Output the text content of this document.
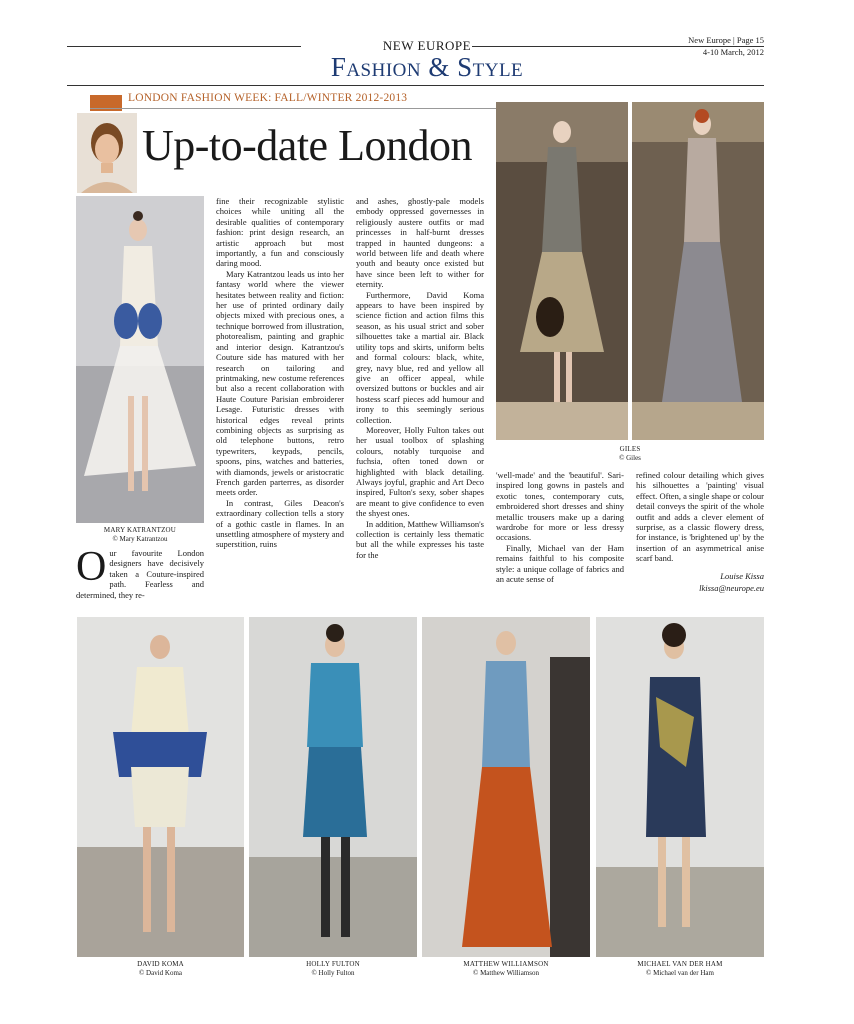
New Europe | Page 15
4-10 March, 2012
NEW EUROPE
Fashion & Style
LONDON FASHION WEEK: FALL/WINTER 2012-2013
Up-to-date London
MARY KATRANTZOU
© Mary Katrantzou
O ur favourite London designers have decisively taken a Couture-inspired path. Fearless and determined, they re-

fine their recognizable stylistic choices while uniting all the desirable qualities of contemporary fashion: print design research, an artistic approach but most importantly, a fun and consciously daring mood.

Mary Katrantzou leads us into her fantasy world where the viewer hesitates between reality and fiction: her use of printed ordinary daily objects mixed with precious ones, a technique borrowed from illustration, photorealism, painting and graphic and interior design. Katrantzou's Couture side has matured with her research on tailoring and printmaking, new costume references but also a recent collaboration with Haute Couture Parisian embroiderer Lesage. Futuristic dresses with historical edges reveal prints combining objects as surprising as old telephone buttons, retro typewriters, keypads, pencils, spoons, pins, watches and batteries, with diamonds, jewels or aristocratic French garden parterres, as disorder meets order.

In contrast, Giles Deacon's extraordinary collection tells a story of a gothic castle in flames. In an unsettling atmosphere of mystery and superstition, ruins

and ashes, ghostly-pale models embody oppressed governesses in religiously austere outfits or mad princesses in half-burnt dresses trapped in haunted dungeons: a world between life and death where youth and beauty once existed but have since been left to wither for eternity.

Furthermore, David Koma appears to have been inspired by science fiction and action films this season, as his usual strict and sober silhouettes take a martial air. Black utility tops and skirts, uniform belts and formal colours: black, white, grey, navy blue, red and yellow all give an officer appeal, while oversized buttons or buckles and air hostess scarf pieces add humour and irony to this seemingly serious collection.

Moreover, Holly Fulton takes out her usual toolbox of splashing colours, notably turquoise and fuchsia, often toned down or highlighted with black detailing. Always joyful, graphic and Art Deco inspired, Fulton's sexy, sober shapes are meant to give confidence to even the shyest ones.

In addition, Matthew Williamson's collection is certainly less thematic but all the while expresses his taste for the

GILES
© Giles

'well-made' and the 'beautiful'. Sari-inspired long gowns in pastels and exotic tones, contemporary cuts, embroidered short dresses and shiny metallic trousers make up a daring wardrobe for more or less dressy occasions.

Finally, Michael van der Ham remains faithful to his composite style: a unique collage of fabrics and an acute sense of

refined colour detailing which gives his silhouettes a 'painting' visual effect. Often, a single shape or colour detail conveys the spirit of the whole outfit and adds a clever element of surprise, as a classic flowery dress, for instance, is 'brightened up' by the insertion of an asymmetrical anise scarf band.

Louise Kissa
lkissa@neurope.eu
DAVID KOMA
© David Koma
HOLLY FULTON
© Holly Fulton
MATTHEW WILLIAMSON
© Matthew Williamson
MICHAEL VAN DER HAM
© Michael van der Ham
